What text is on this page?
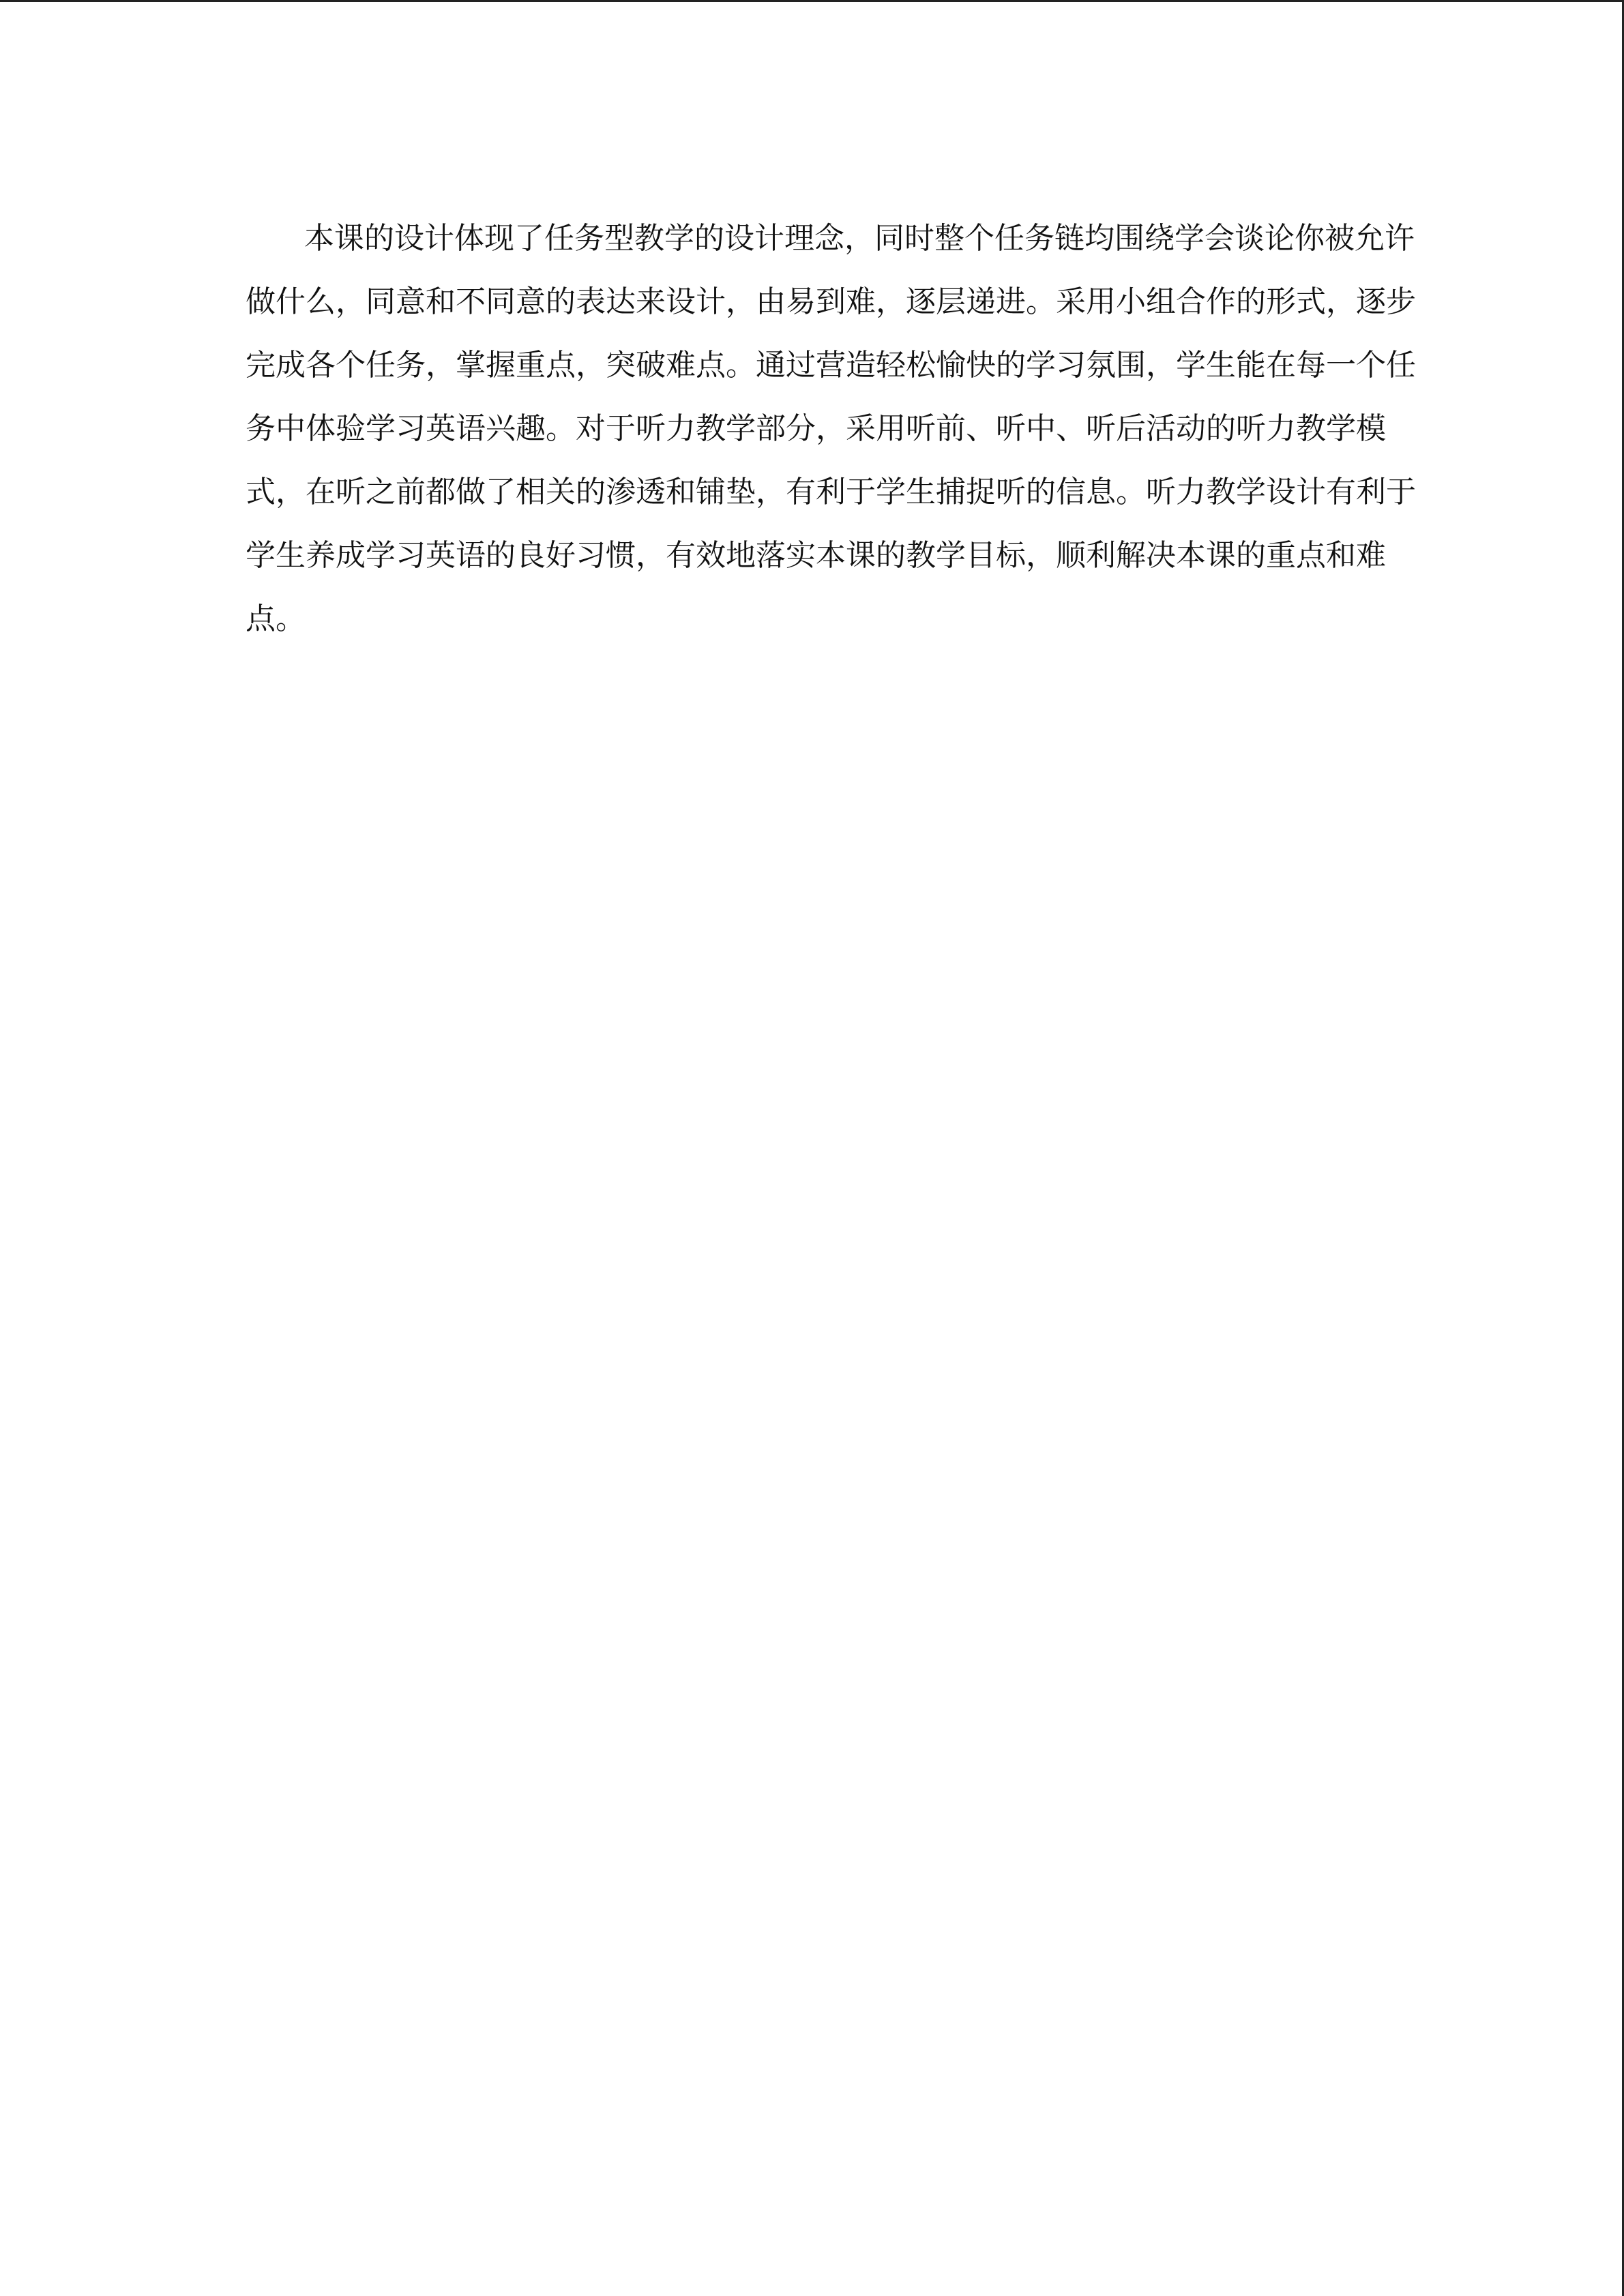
本课的设计体现了任务型教学的设计理念，同时整个任务链均围绕学会谈论你被允许

做什么，同意和不同意的表达来设计，由易到难，逐层递进。采用小组合作的形式，逐步

完成各个任务，掌握重点，突破难点。通过营造轻松愉快的学习氛围，学生能在每一个任

务中体验学习英语兴趣。对于听力教学部分，采用听前、听中、听后活动的听力教学模

式，在听之前都做了相关的渗透和铺垫，有利于学生捕捉听的信息。听力教学设计有利于

学生养成学习英语的良好习惯，有效地落实本课的教学目标，顺利解决本课的重点和难

点。
